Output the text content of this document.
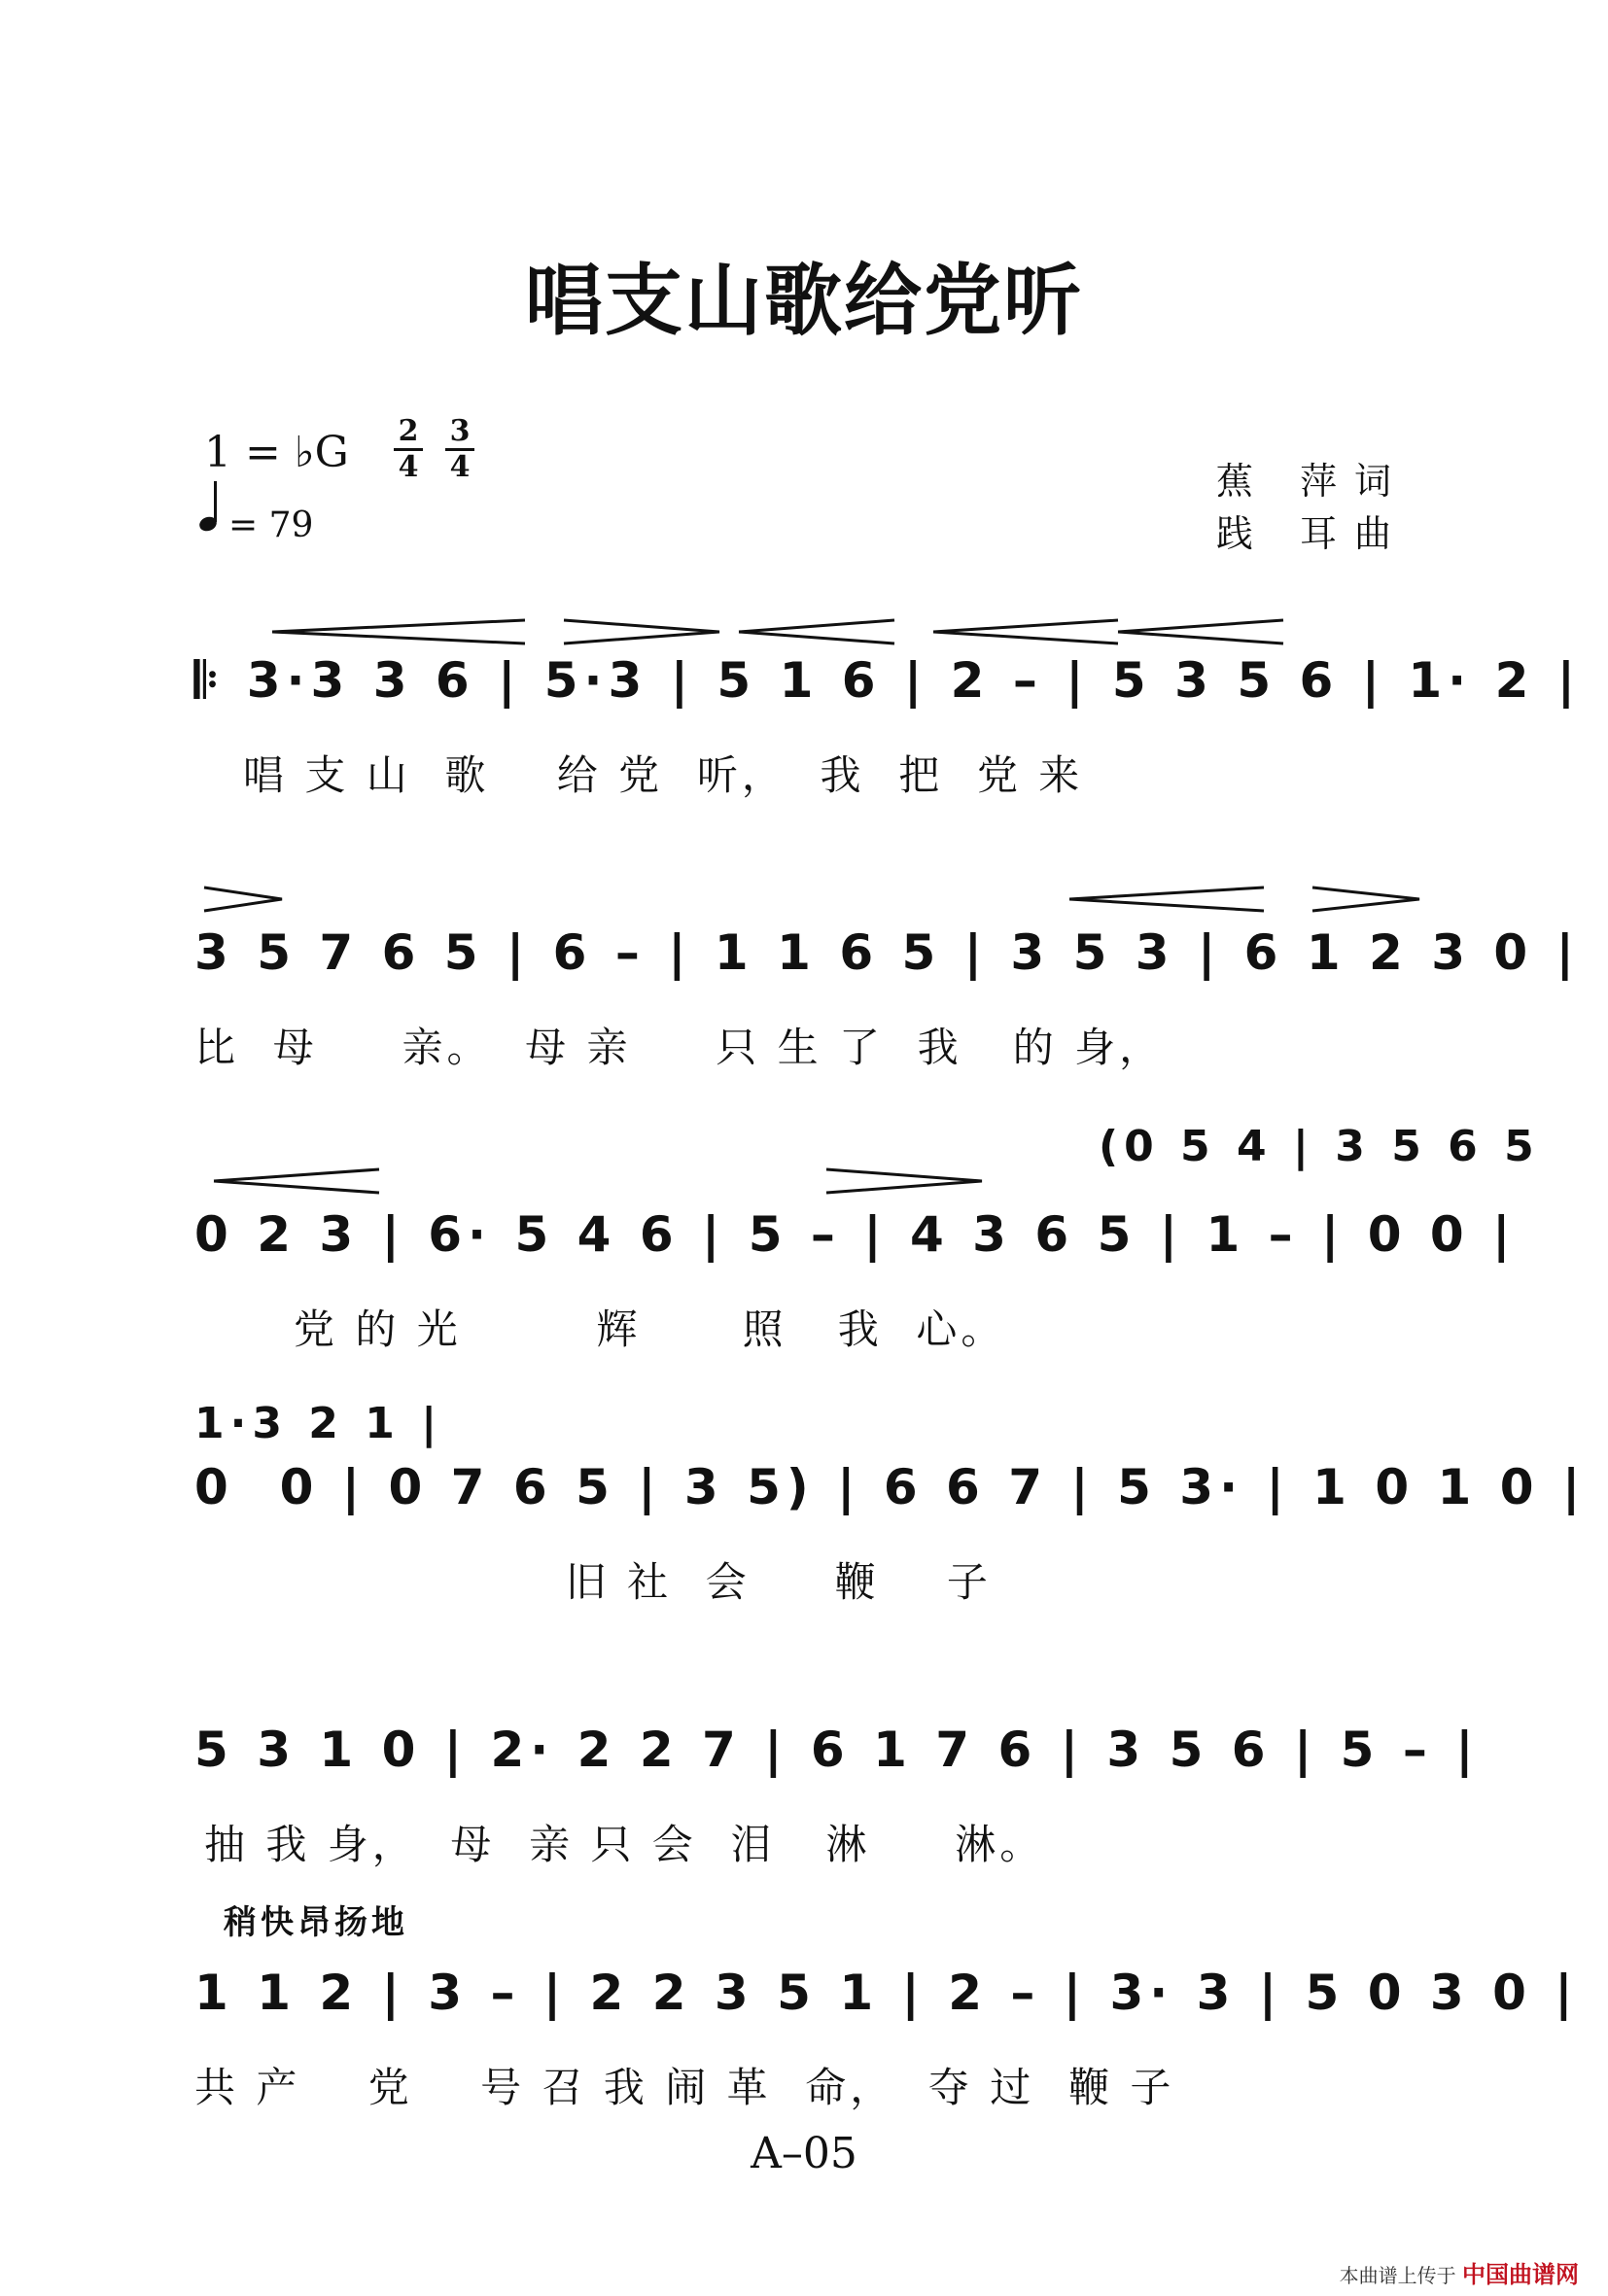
唱支山歌给党听
1 = ♭G 2
4
3
4
= 79
蕉 萍词
践 耳曲
𝄆 3·3 3 6 | 5·3 | 5 1 6 | 2 – | 5 3 5 6 | 1· 2 |
唱 支 山  歌    给 党  听，  我  把  党 来
3 5 7 6 5 | 6 – | 1 1 6 5 | 3 5 3 | 6 1 2 3 0 |
比  母     亲。  母 亲     只 生 了  我   的 身，
(0 5 4 | 3 5 6 5
0 2 3 | 6· 5 4 6 | 5 – | 4 3 6 5 | 1 – | 0 0 |
党 的 光        辉      照   我  心。
1·3 2 1 |
0  0 | 0 7 6 5 | 3 5) | 6 6 7 | 5 3· | 1 0 1 0 |
旧 社  会     鞭    子
5 3 1 0 | 2· 2 2 7 | 6 1 7 6 | 3 5 6 | 5 – |
抽 我 身，  母  亲 只 会  泪   淋     淋。
稍快昂扬地
1 1 2 | 3 – | 2 2 3 5 1 | 2 – | 3· 3 | 5 0 3 0 |
共 产    党    号 召 我 闹 革  命，  夺 过  鞭 子
A–05
本曲谱上传于 中国曲谱网
